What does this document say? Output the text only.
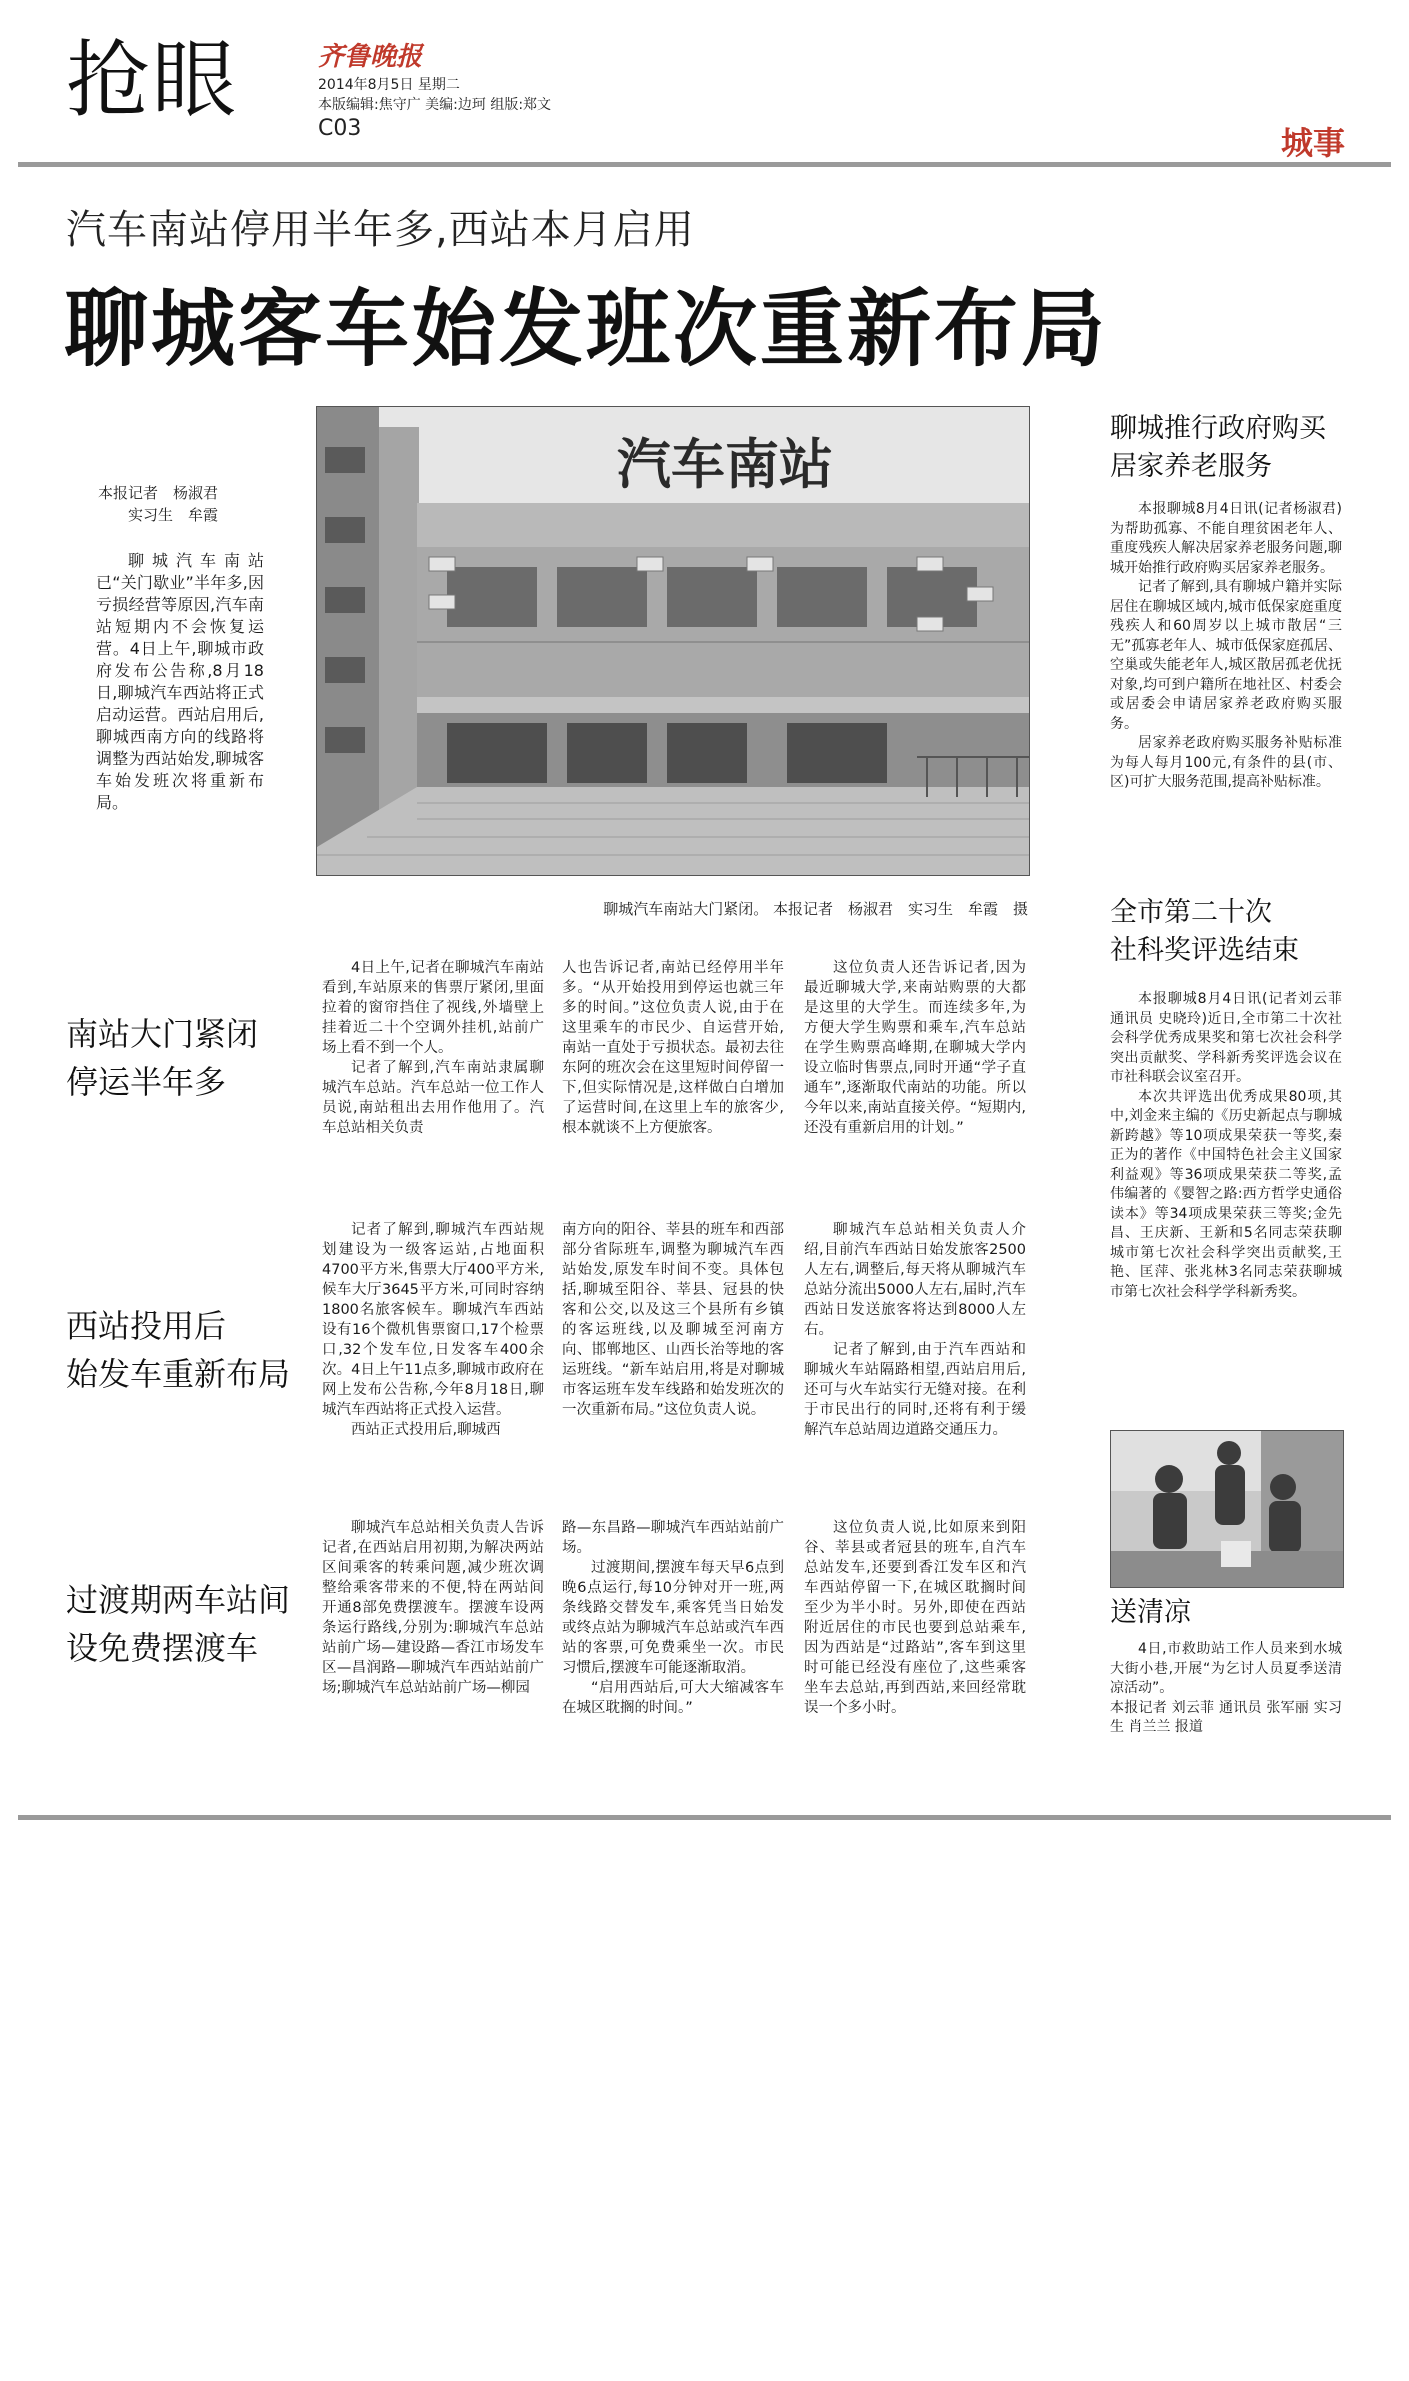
抢眼	齐鲁晚报
2014年8月5日 星期二
本版编辑:焦守广 美编:边珂 组版:郑文
C03	城事
汽车南站停用半年多,西站本月启用
聊城客车始发班次重新布局
本报记者　杨淑君
实习生　牟霞
聊城汽车南站已“关门歇业”半年多,因亏损经营等原因,汽车南站短期内不会恢复运营。4日上午,聊城市政府发布公告称,8月18日,聊城汽车西站将正式启动运营。西站启用后,聊城西南方向的线路将调整为西站始发,聊城客车始发班次将重新布局。
汽车南站
聊城汽车南站大门紧闭。 本报记者　杨淑君　实习生　牟霞　摄
南站大门紧闭
停运半年多

4日上午,记者在聊城汽车南站看到,车站原来的售票厅紧闭,里面拉着的窗帘挡住了视线,外墙壁上挂着近二十个空调外挂机,站前广场上看不到一个人。

记者了解到,汽车南站隶属聊城汽车总站。汽车总站一位工作人员说,南站租出去用作他用了。汽车总站相关负责

人也告诉记者,南站已经停用半年多。“从开始投用到停运也就三年多的时间。”这位负责人说,由于在这里乘车的市民少、自运营开始,南站一直处于亏损状态。最初去往东阿的班次会在这里短时间停留一下,但实际情况是,这样做白白增加了运营时间,在这里上车的旅客少,根本就谈不上方便旅客。

这位负责人还告诉记者,因为最近聊城大学,来南站购票的大都是这里的大学生。而连续多年,为方便大学生购票和乘车,汽车总站在学生购票高峰期,在聊城大学内设立临时售票点,同时开通“学子直通车”,逐渐取代南站的功能。所以今年以来,南站直接关停。“短期内,还没有重新启用的计划。”

西站投用后
始发车重新布局

记者了解到,聊城汽车西站规划建设为一级客运站,占地面积4700平方米,售票大厅400平方米,候车大厅3645平方米,可同时容纳1800名旅客候车。聊城汽车西站设有16个微机售票窗口,17个检票口,32个发车位,日发客车400余次。4日上午11点多,聊城市政府在网上发布公告称,今年8月18日,聊城汽车西站将正式投入运营。

西站正式投用后,聊城西

南方向的阳谷、莘县的班车和西部部分省际班车,调整为聊城汽车西站始发,原发车时间不变。具体包括,聊城至阳谷、莘县、冠县的快客和公交,以及这三个县所有乡镇的客运班线,以及聊城至河南方向、邯郸地区、山西长治等地的客运班线。“新车站启用,将是对聊城市客运班车发车线路和始发班次的一次重新布局。”这位负责人说。

聊城汽车总站相关负责人介绍,目前汽车西站日始发旅客2500人左右,调整后,每天将从聊城汽车总站分流出5000人左右,届时,汽车西站日发送旅客将达到8000人左右。

记者了解到,由于汽车西站和聊城火车站隔路相望,西站启用后,还可与火车站实行无缝对接。在利于市民出行的同时,还将有利于缓解汽车总站周边道路交通压力。

过渡期两车站间
设免费摆渡车

聊城汽车总站相关负责人告诉记者,在西站启用初期,为解决两站区间乘客的转乘问题,减少班次调整给乘客带来的不便,特在两站间开通8部免费摆渡车。摆渡车设两条运行路线,分别为:聊城汽车总站站前广场—建设路—香江市场发车区—昌润路—聊城汽车西站站前广场;聊城汽车总站站前广场—柳园

路—东昌路—聊城汽车西站站前广场。

过渡期间,摆渡车每天早6点到晚6点运行,每10分钟对开一班,两条线路交替发车,乘客凭当日始发或终点站为聊城汽车总站或汽车西站的客票,可免费乘坐一次。市民习惯后,摆渡车可能逐渐取消。

“启用西站后,可大大缩减客车在城区耽搁的时间。”

这位负责人说,比如原来到阳谷、莘县或者冠县的班车,自汽车总站发车,还要到香江发车区和汽车西站停留一下,在城区耽搁时间至少为半小时。另外,即使在西站附近居住的市民也要到总站乘车,因为西站是“过路站”,客车到这里时可能已经没有座位了,这些乘客坐车去总站,再到西站,来回经常耽误一个多小时。

聊城推行政府购买
居家养老服务

本报聊城8月4日讯(记者杨淑君)为帮助孤寡、不能自理贫困老年人、重度残疾人解决居家养老服务问题,聊城开始推行政府购买居家养老服务。

记者了解到,具有聊城户籍并实际居住在聊城区域内,城市低保家庭重度残疾人和60周岁以上城市散居“三无”孤寡老年人、城市低保家庭孤居、空巢或失能老年人,城区散居孤老优抚对象,均可到户籍所在地社区、村委会或居委会申请居家养老政府购买服务。

居家养老政府购买服务补贴标准为每人每月100元,有条件的县(市、区)可扩大服务范围,提高补贴标准。

全市第二十次
社科奖评选结束

本报聊城8月4日讯(记者刘云菲 通讯员 史晓玲)近日,全市第二十次社会科学优秀成果奖和第七次社会科学突出贡献奖、学科新秀奖评选会议在市社科联会议室召开。

本次共评选出优秀成果80项,其中,刘金来主编的《历史新起点与聊城新跨越》等10项成果荣获一等奖,秦正为的著作《中国特色社会主义国家利益观》等36项成果荣获二等奖,孟伟编著的《婴智之路:西方哲学史通俗读本》等34项成果荣获三等奖;金先昌、王庆新、王新和5名同志荣获聊城市第七次社会科学突出贡献奖,王艳、匡萍、张兆林3名同志荣获聊城市第七次社会科学学科新秀奖。

送清凉

4日,市救助站工作人员来到水城大街小巷,开展“为乞讨人员夏季送清凉活动”。

本报记者 刘云菲 通讯员 张军丽 实习生 肖兰兰 报道
